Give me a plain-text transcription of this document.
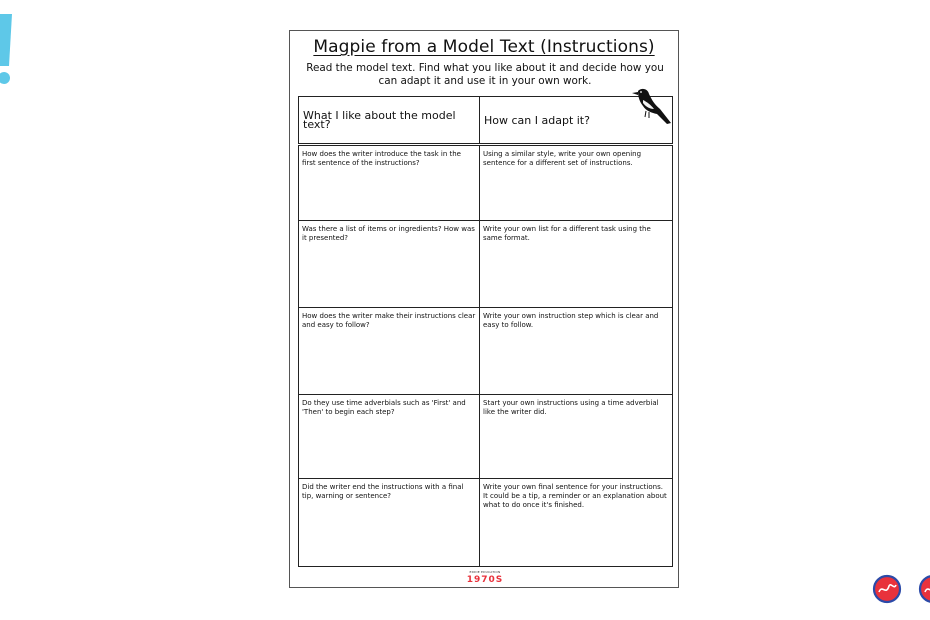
Magpie from a Model Text (Instructions)
Read the model text. Find what you like about it and decide how you can adapt it and use it in your own work.
What I like about the model text?	How can I adapt it?

How does the writer introduce the task in the first sentence of the instructions?	Using a similar style, write your own opening sentence for a different set of instructions.
Was there a list of items or ingredients? How was it presented?	Write your own list for a different task using the same format.
How does the writer make their instructions clear and easy to follow?	Write your own instruction step which is clear and easy to follow.
Do they use time adverbials such as 'First' and 'Then' to begin each step?	Start your own instructions using a time adverbial like the writer did.
Did the writer end the instructions with a final tip, warning or sentence?	Write your own final sentence for your instructions. It could be a tip, a reminder or an explanation about what to do once it's finished.
EDDIE EDUCATION
1970S
